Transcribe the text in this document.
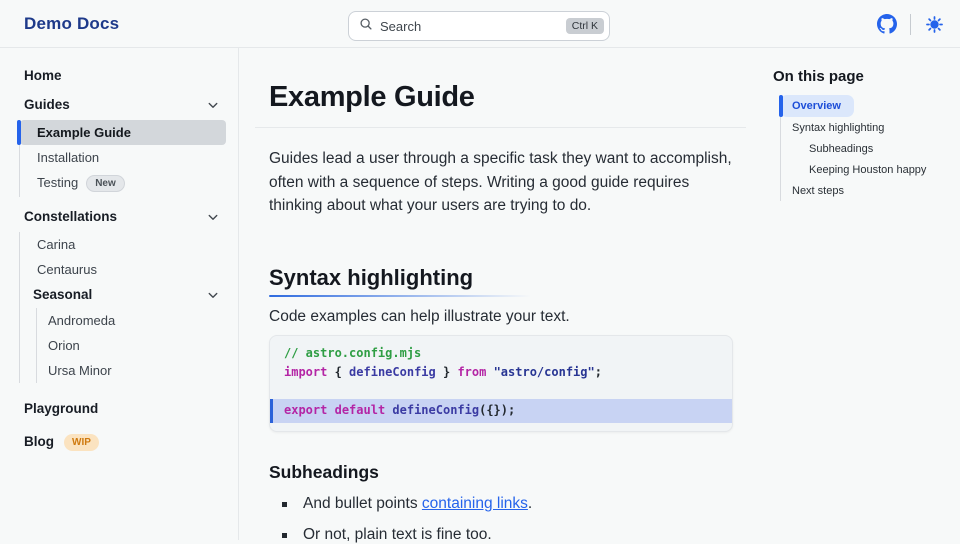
Demo Docs	Search	Ctrl K
Home
Guides
Example Guide
Installation
Testing New
Constellations
Carina
Centaurus
Seasonal
Andromeda
Orion
Ursa Minor
Playground
Blog WIP
Example Guide

Guides lead a user through a specific task they want to accomplish, often with a sequence of steps. Writing a good guide requires thinking about what your users are trying to do.

Syntax highlighting

Code examples can help illustrate your text.

// astro.config.mjs
import { defineConfig } from "astro/config";
export default defineConfig({});
Subheadings
And bullet points containing links.
Or not, plain text is fine too.
On this page
Overview
Syntax highlighting
Subheadings
Keeping Houston happy
Next steps
